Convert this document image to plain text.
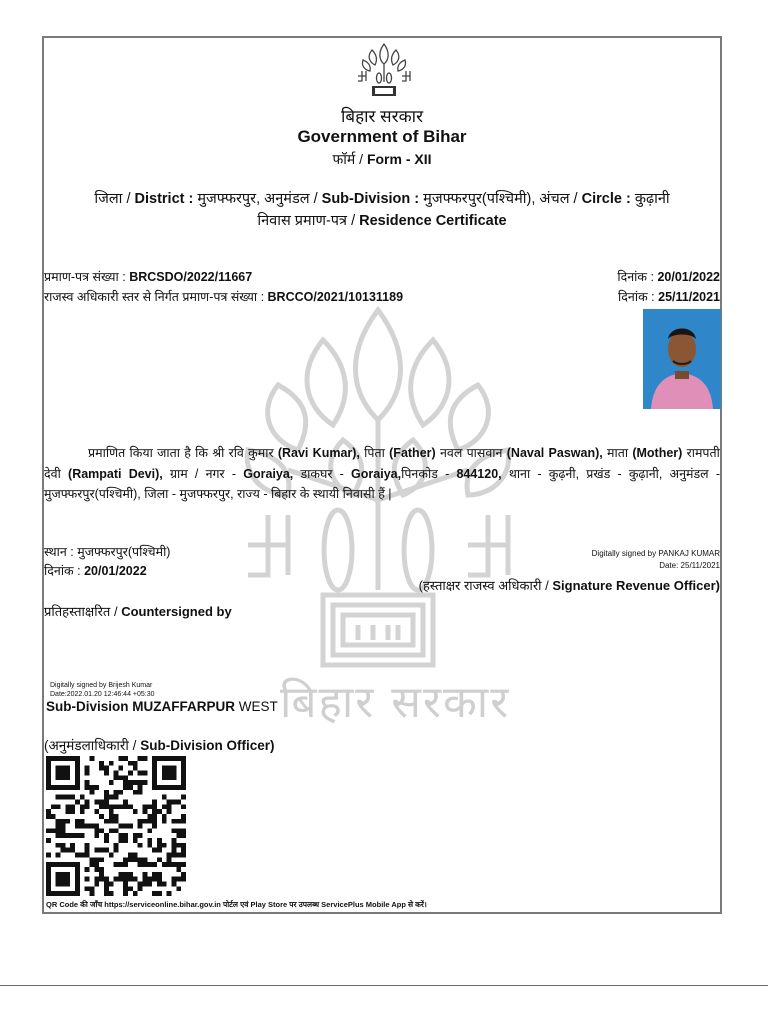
बिहार सरकार
बिहार सरकार
Government of Bihar
फॉर्म / Form - XII
जिला / District : मुजफ्फरपुर, अनुमंडल / Sub-Division : मुजफ्फरपुर(पश्चिमी), अंचल / Circle : कुढ़ानी
निवास प्रमाण-पत्र / Residence Certificate
प्रमाण-पत्र संख्या : BRCSDO/2022/11667	दिनांक : 20/01/2022
राजस्व अधिकारी स्तर से निर्गत प्रमाण-पत्र संख्या : BRCCO/2021/10131189	दिनांक : 25/11/2021
प्रमाणित किया जाता है कि श्री रवि कुमार (Ravi Kumar), पिता (Father) नवल पासवान (Naval Paswan), माता (Mother) रामपती देवी (Rampati Devi), ग्राम / नगर - Goraiya, डाकघर - Goraiya,पिनकोड - 844120, थाना - कुढ़नी, प्रखंड - कुढ़ानी, अनुमंडल - मुजफ्फरपुर(पश्चिमी), जिला - मुजफ्फरपुर, राज्य - बिहार के स्थायी निवासी हैं |
स्थान : मुजफ्फरपुर(पश्चिमी)
दिनांक : 20/01/2022
Digitally signed by PANKAJ KUMAR
Date: 25/11/2021
(हस्ताक्षर राजस्व अधिकारी / Signature Revenue Officer)
प्रतिहस्ताक्षरित / Countersigned by
Digitally signed by Brijesh Kumar
Date:2022.01.20 12:46:44 +05:30
Sub-Division MUZAFFARPUR WEST
(अनुमंडलाधिकारी / Sub-Division Officer)
QR Code की जाँच https://serviceonline.bihar.gov.in पोर्टल एवं Play Store पर उपलब्ध ServicePlus Mobile App से करें।
